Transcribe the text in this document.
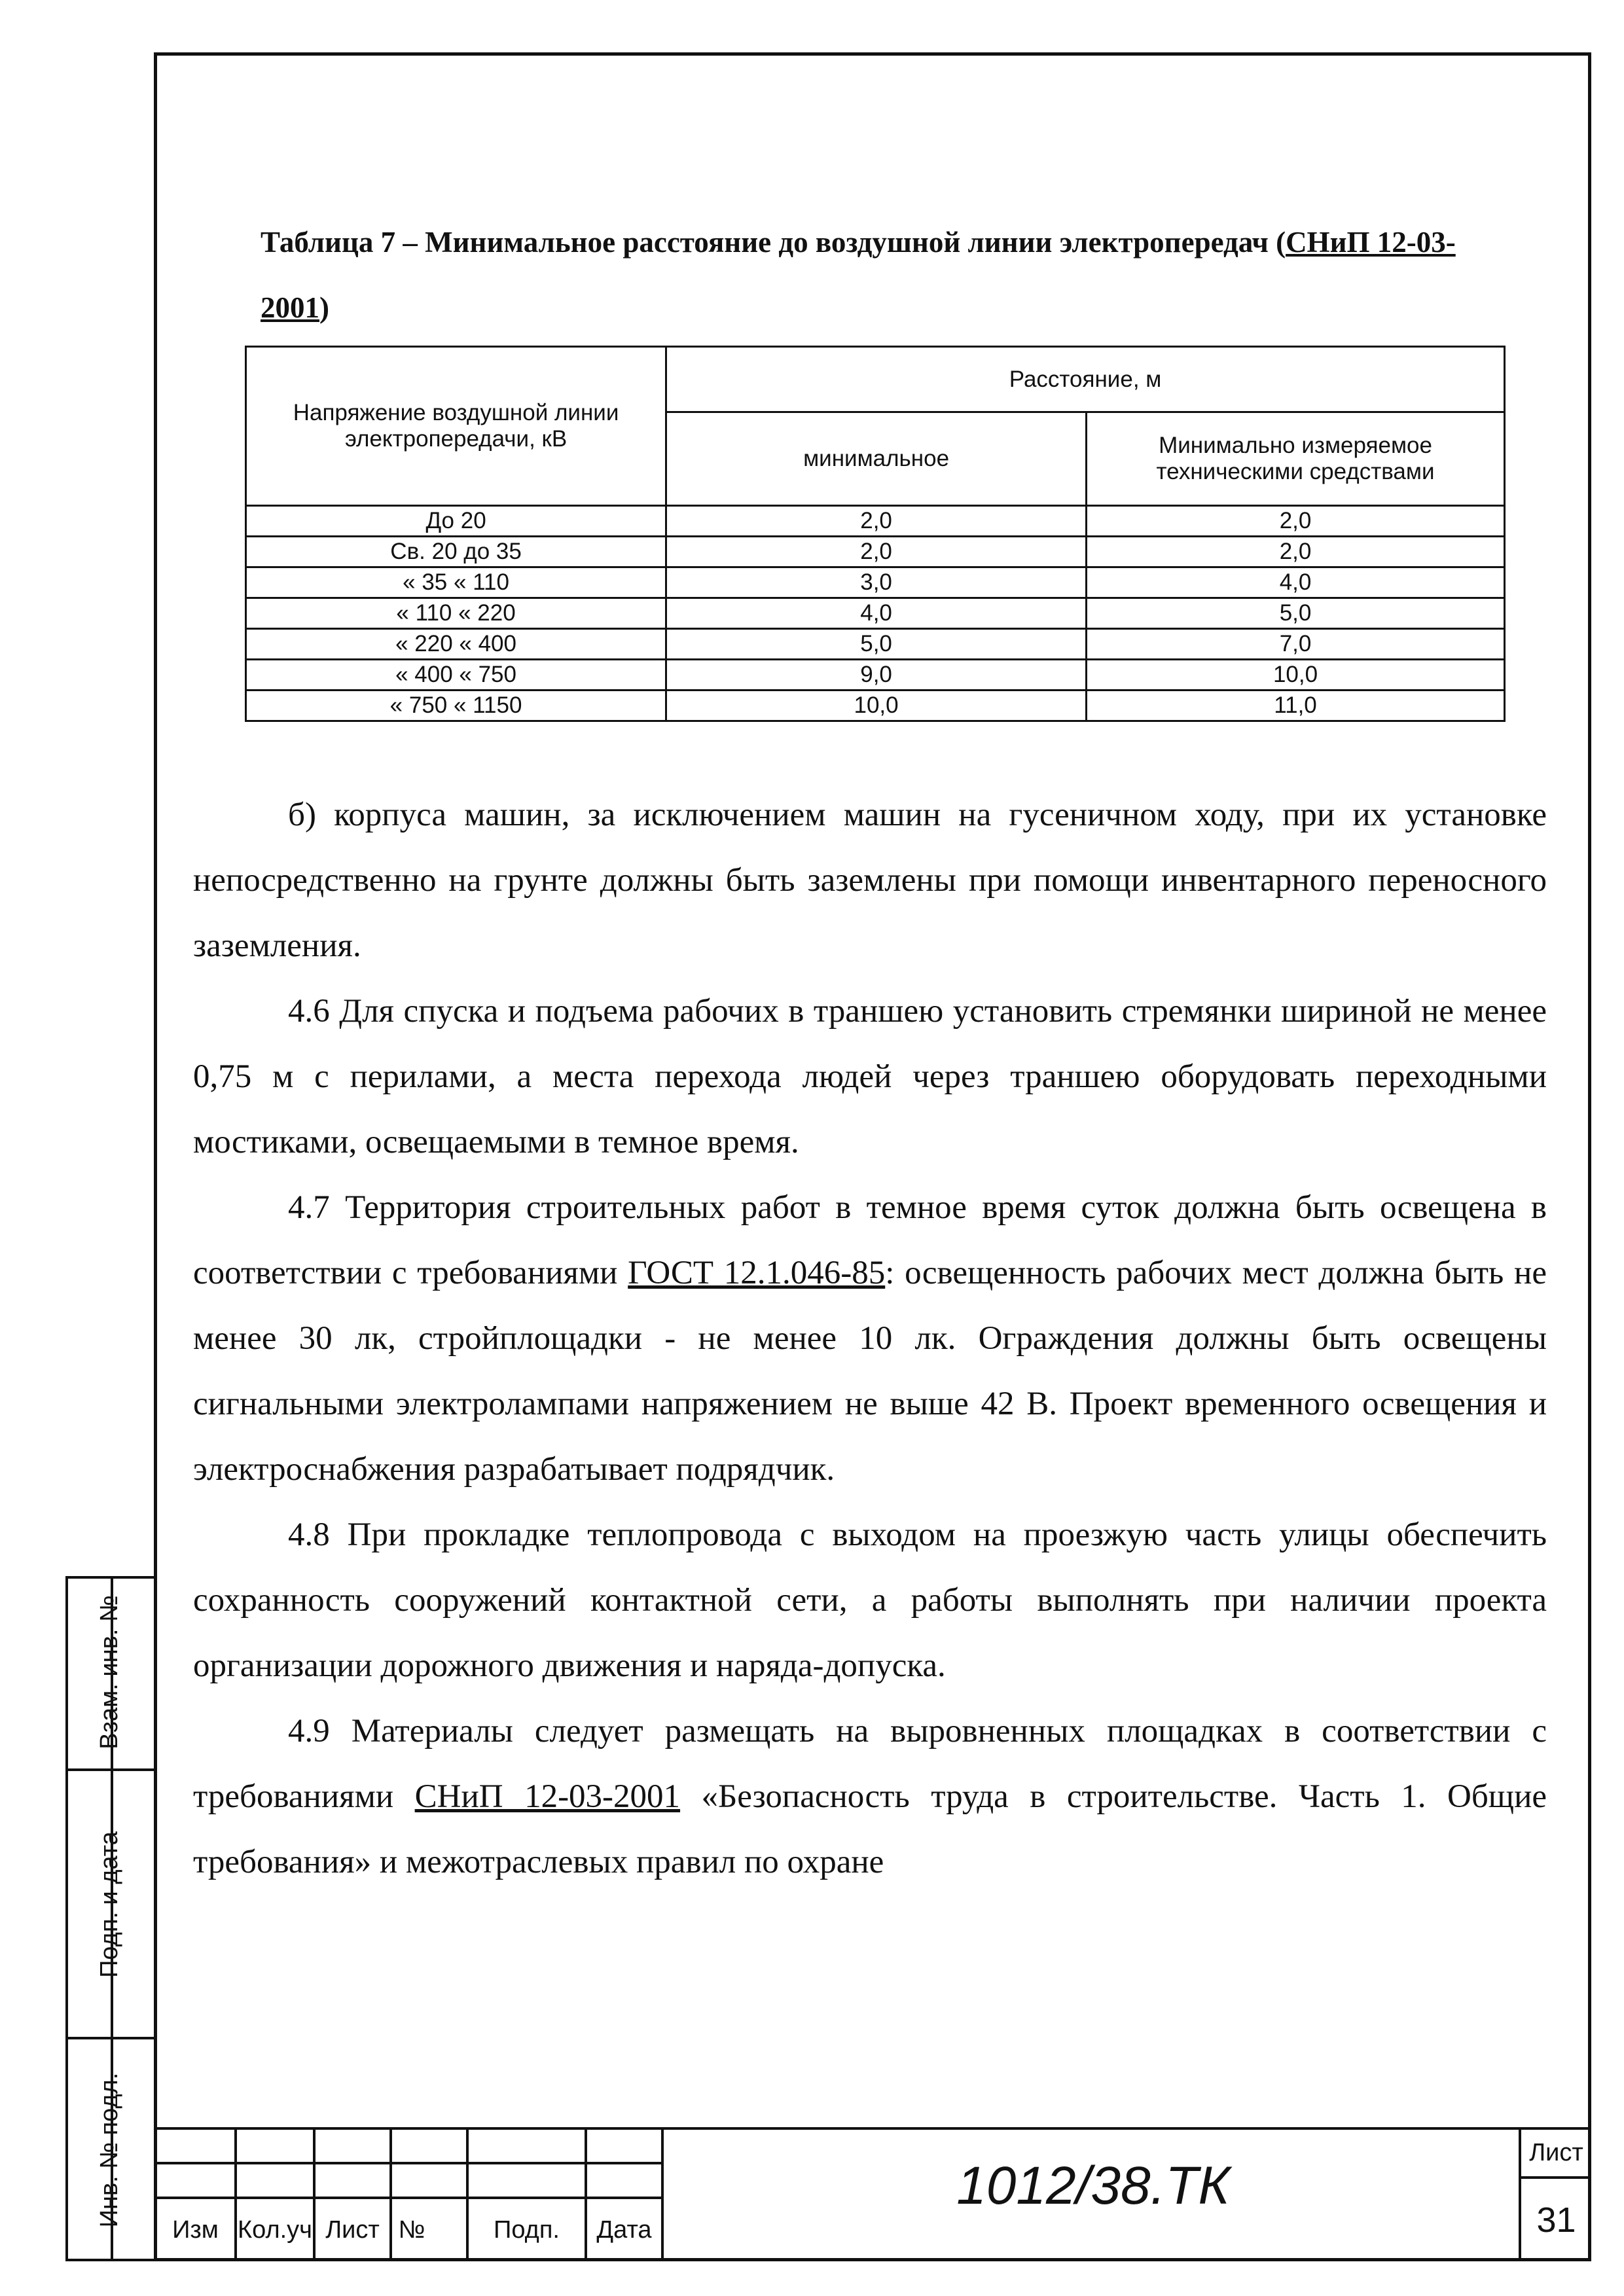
Таблица 7 – Минимальное расстояние до воздушной линии электропередач (СНиП 12-03-2001)
Напряжение воздушной линии электропередачи, кВ	Расстояние, м	
	минимальное	Минимально измеряемое техническими средствами
До 20	2,0	2,0
Св. 20 до 35	2,0	2,0
« 35 « 110	3,0	4,0
« 110 « 220	4,0	5,0
« 220 « 400	5,0	7,0
« 400 « 750	9,0	10,0
« 750 « 1150	10,0	11,0

б) корпуса машин, за исключением машин на гусеничном ходу, при их установке непосредственно на грунте должны быть заземлены при помощи инвентарного переносного заземления.

4.6 Для спуска и подъема рабочих в траншею установить стремянки шириной не менее 0,75 м с перилами, а места перехода людей через траншею оборудовать переходными мостиками, освещаемыми в темное время.

4.7 Территория строительных работ в темное время суток должна быть освещена в соответствии с требованиями ГОСТ 12.1.046-85: освещенность рабочих мест должна быть не менее 30 лк, стройплощадки - не менее 10 лк. Ограждения должны быть освещены сигнальными электролампами напряжением не выше 42 В. Проект временного освещения и электроснабжения разрабатывает подрядчик.

4.8 При прокладке теплопровода с выходом на проезжую часть улицы обеспечить сохранность сооружений контактной сети, а работы выполнять при наличии проекта организации дорожного движения и наряда-допуска.

4.9 Материалы следует размещать на выровненных площадках в соответствии с требованиями СНиП 12-03-2001 «Безопасность труда в строительстве. Часть 1. Общие требования» и межотраслевых правил по охране

Взам. инв. №
Подп. и дата
Инв. № подл.
Изм Кол.уч Лист №	Подп.	Дата
1012/38.ТК
Лист
31
